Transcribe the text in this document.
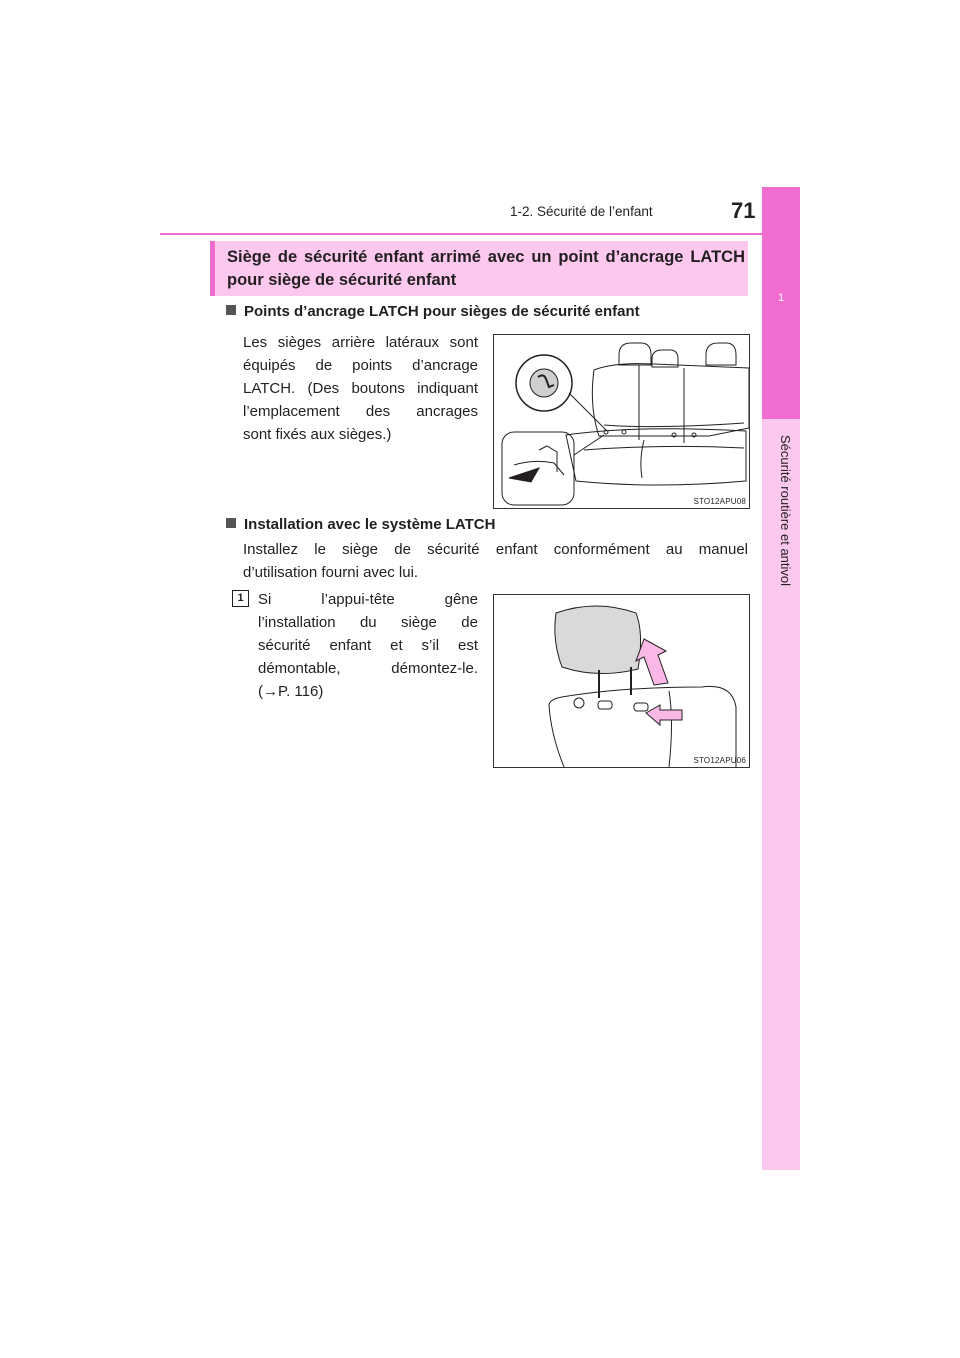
1
Sécurité routière et antivol
1-2. Sécurité de l’enfant	71
Siège de sécurité enfant arrimé avec un point d’ancrage LATCH
pour siège de sécurité enfant
Points d’ancrage LATCH pour sièges de sécurité enfant
Les sièges arrière latéraux sont
équipés de points d’ancrage
LATCH. (Des boutons indiquant
l’emplacement des ancrages
sont fixés aux sièges.)
STO12APU08
Installation avec le système LATCH
Installez le siège de sécurité enfant conformément au manuel
d’utilisation fourni avec lui.
1 Si l’appui-tête gêne
l’installation du siège de
sécurité enfant et s’il est
démontable, démontez-le.
(→P. 116)
STO12APU06
